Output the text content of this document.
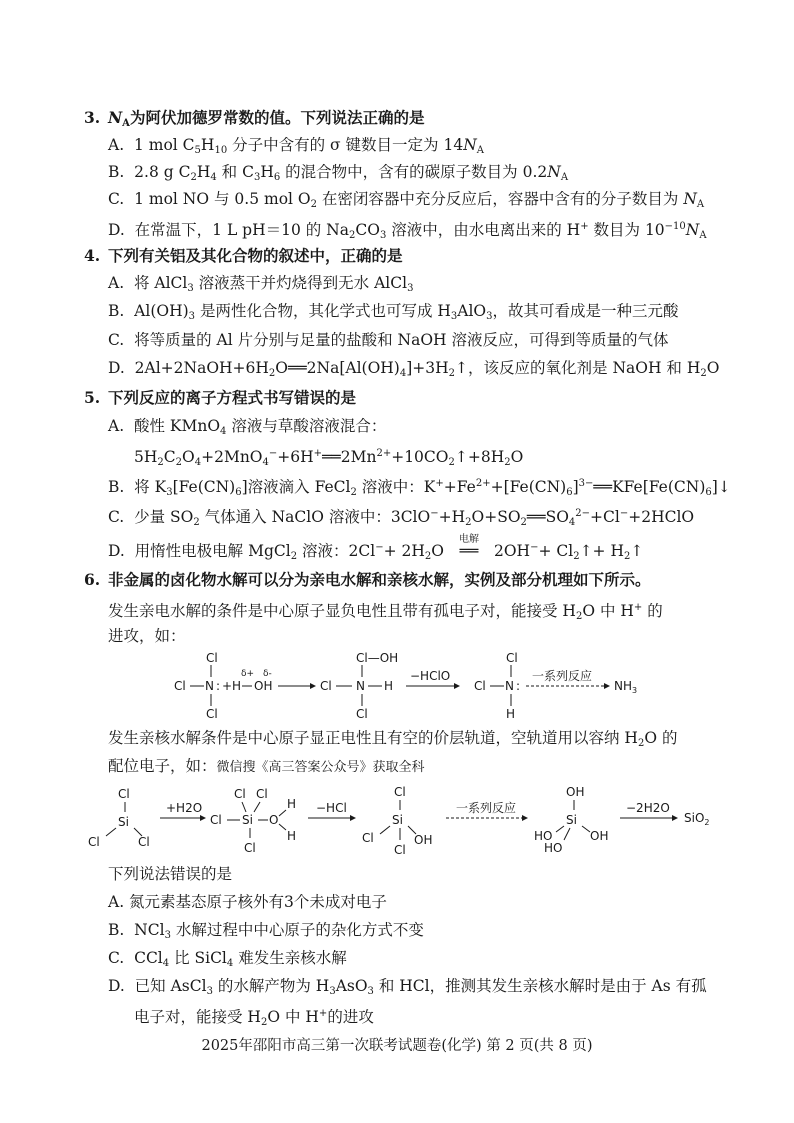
3. $N_A$为阿伏加德罗常数的值。下列说法正确的是
A.  1 mol $C_5H_{10}$ 分子中含有的 σ 键数目一定为 $14N_A$
B.  2.8 g $C_2H_4$ 和 $C_3H_6$ 的混合物中，含有的碳原子数目为 $0.2N_A$
C.  1 mol NO 与 0.5 mol $O_2$ 在密闭容器中充分反应后，容器中含有的分子数目为 $N_A$
D.  在常温下，1 L pH＝10 的 $Na_2CO_3$ 溶液中，由水电离出来的 H+ 数目为 $10^{-10}N_A$
4. 下列有关铝及其化合物的叙述中，正确的是
A.  将 AlCl$_3$ 溶液蒸干并灼烧得到无水 AlCl$_3$
B.  $Al(OH)_3$ 是两性化合物，其化学式也可写成 $H_3AlO_3$，故其可看成是一种三元酸
C.  将等质量的 Al 片分别与足量的盐酸和 NaOH 溶液反应，可得到等质量的气体
D.  $2Al+2NaOH+6H_2O══2Na[Al(OH)_4]+3H_2↑$，该反应的氧化剂是 NaOH 和 $H_2O$
5. 下列反应的离子方程式书写错误的是
A.  酸性 KMnO$_4$ 溶液与草酸溶液混合：
$5H_2C_2O_4+2MnO_4^-+6H^+══2Mn^{2+}+10CO_2↑+8H_2O$
B.  将 $K_3[Fe(CN)_6]$溶液滴入 FeCl$_2$ 溶液中：$K^++Fe^{2+}+[Fe(CN)_6]^{3-}══KFe[Fe(CN)_6]↓$
C.  少量 $SO_2$ 气体通入 NaClO 溶液中：$3ClO^-+H_2O+SO_2══SO_4^{2-}+Cl^-+2HClO$
D.  用惰性电极电解 MgCl$_2$ 溶液：$2Cl^-+ 2H_2O$
电解
══ $2OH^-+ Cl_2↑+$ $H_2↑$
6. 非金属的卤化物水解可以分为亲电水解和亲核水解，实例及部分机理如下所示。
发生亲电水解的条件是中心原子显负电性且带有孤电子对，能接受 $H_2O$ 中 H+ 的
进攻，如：
Cl
Cl N : +
Cl
δ+
H
δ-
OH
Cl—OH
Cl N H
Cl
−HClO
Cl
Cl N :
H
一系列反应
$NH_3$
发生亲核水解条件是中心原子显正电性且有空的价层轨道，空轨道用以容纳 $H_2O$ 的
配位电子，如：微信搜《高三答案公众号》获取全科
Cl
Si
Cl	Cl
+H2O
Cl Cl
Cl Si O
H
H
Cl
−HCl
Cl
Si
Cl	OH
Cl
一系列反应
OH
Si
HO	OH
HO
−2H2O
SiO$_2$
下列说法错误的是
A. 氮元素基态原子核外有3个未成对电子
B.  NCl$_3$ 水解过程中中心原子的杂化方式不变
C.  CCl$_4$ 比 SiCl$_4$ 难发生亲核水解
D.  已知 AsCl$_3$ 的水解产物为 $H_3AsO_3$ 和 HCl，推测其发生亲核水解时是由于 As 有孤
电子对，能接受 $H_2O$ 中 H+的进攻
2025年邵阳市高三第一次联考试题卷(化学) 第 2 页(共 8 页)
